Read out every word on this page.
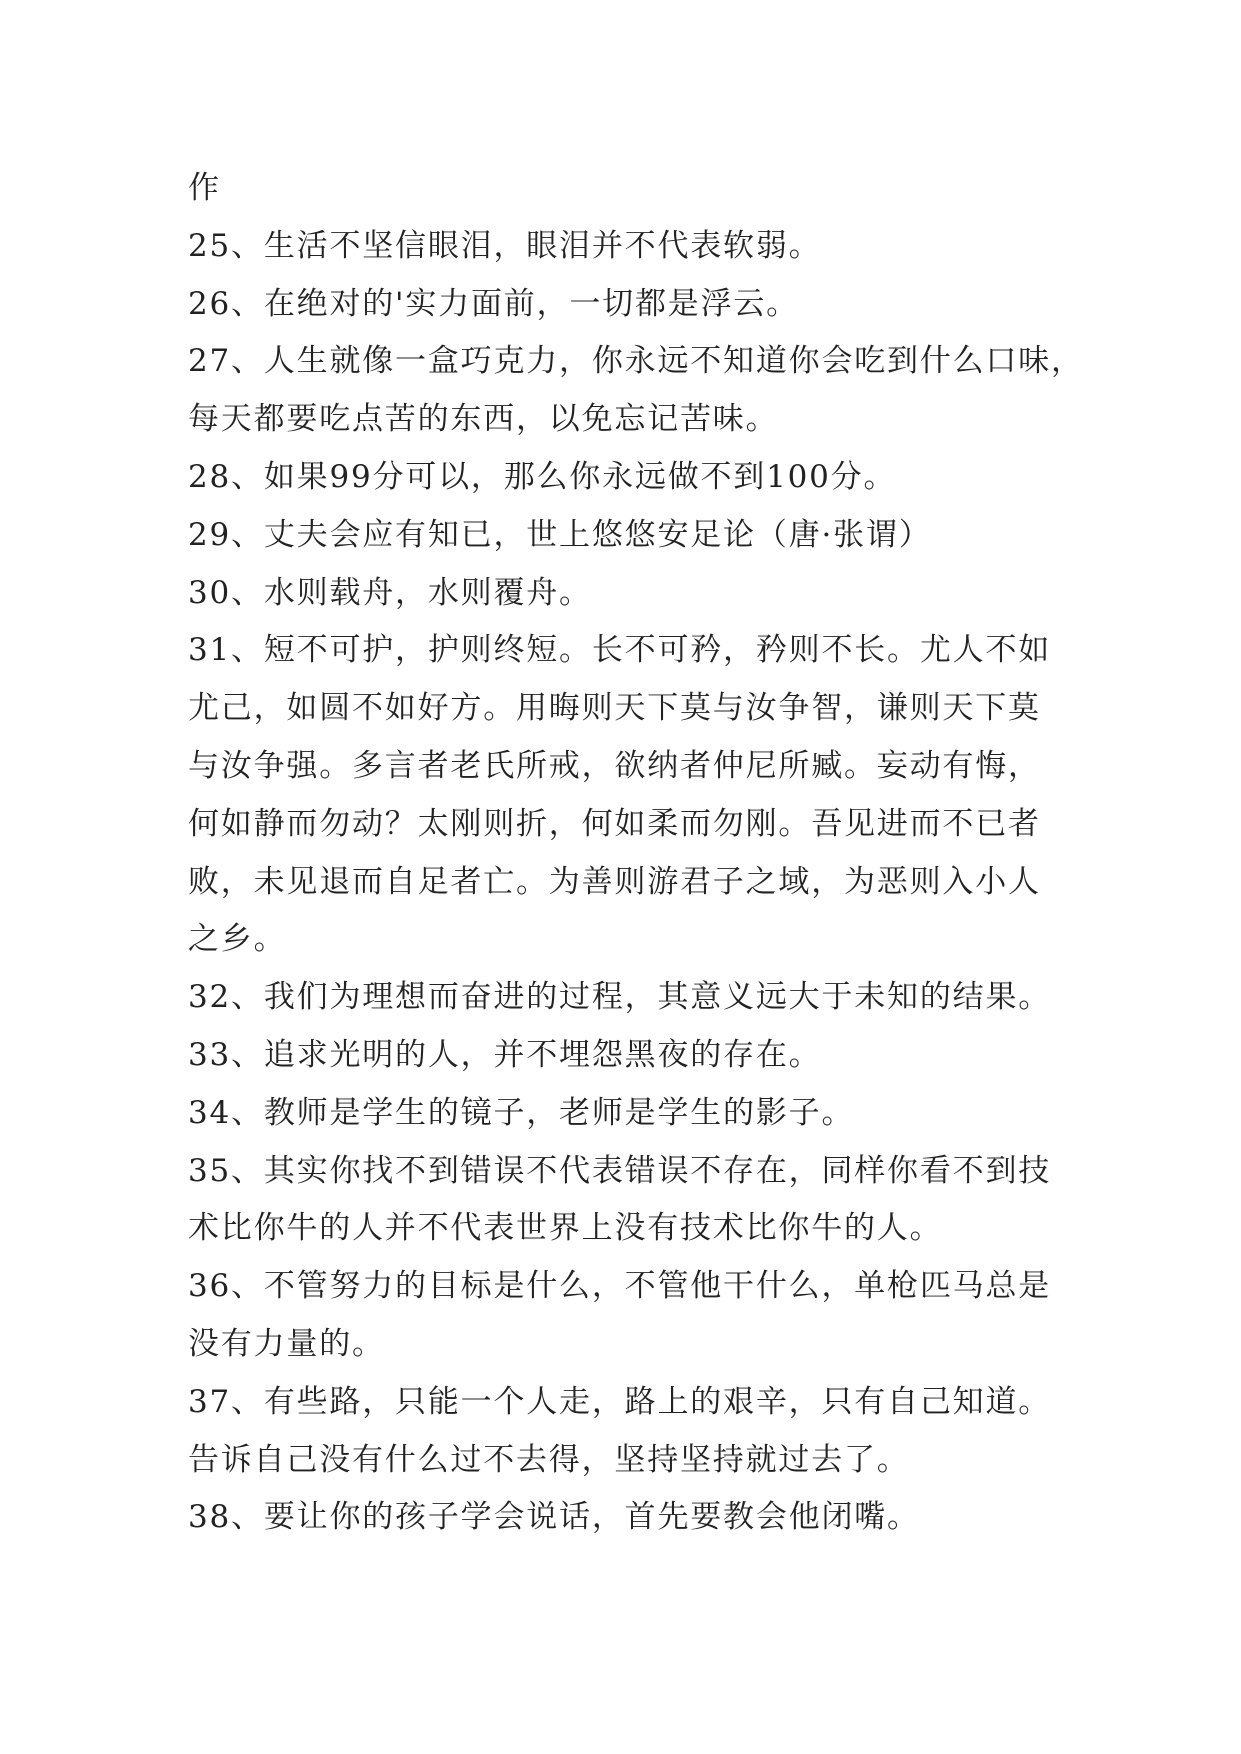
作
25、生活不坚信眼泪，眼泪并不代表软弱。
26、在绝对的'实力面前，一切都是浮云。
27、人生就像一盒巧克力，你永远不知道你会吃到什么口味，
每天都要吃点苦的东西，以免忘记苦味。
28、如果99分可以，那么你永远做不到100分。
29、丈夫会应有知已，世上悠悠安足论（唐·张谓）
30、水则载舟，水则覆舟。
31、短不可护，护则终短。长不可矜，矜则不长。尤人不如
尤己，如圆不如好方。用晦则天下莫与汝争智，谦则天下莫
与汝争强。多言者老氏所戒，欲纳者仲尼所臧。妄动有悔，
何如静而勿动？太刚则折，何如柔而勿刚。吾见进而不已者
败，未见退而自足者亡。为善则游君子之域，为恶则入小人
之乡。
32、我们为理想而奋进的过程，其意义远大于未知的结果。
33、追求光明的人，并不埋怨黑夜的存在。
34、教师是学生的镜子，老师是学生的影子。
35、其实你找不到错误不代表错误不存在，同样你看不到技
术比你牛的人并不代表世界上没有技术比你牛的人。
36、不管努力的目标是什么，不管他干什么，单枪匹马总是
没有力量的。
37、有些路，只能一个人走，路上的艰辛，只有自己知道。
告诉自己没有什么过不去得，坚持坚持就过去了。
38、要让你的孩子学会说话，首先要教会他闭嘴。
